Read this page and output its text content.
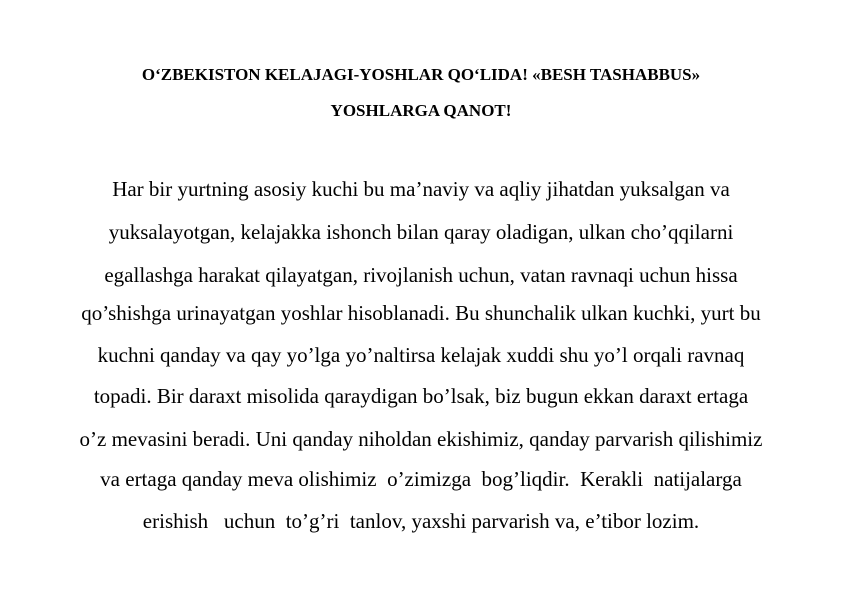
O‘ZBEKISTON KELAJAGI-YOSHLAR QO‘LIDA! «BESH TASHABBUS»
YOSHLARGA QANOT!
Har bir yurtning asosiy kuchi bu ma’naviy va aqliy jihatdan yuksalgan va
yuksalayotgan, kelajakka ishonch bilan qaray oladigan, ulkan cho’qqilarni
egallashga harakat qilayatgan, rivojlanish uchun, vatan ravnaqi uchun hissa
qo’shishga urinayatgan yoshlar hisoblanadi. Bu shunchalik ulkan kuchki, yurt bu
kuchni qanday va qay yo’lga yo’naltirsa kelajak xuddi shu yo’l orqali ravnaq
topadi. Bir daraxt misolida qaraydigan bo’lsak, biz bugun ekkan daraxt ertaga
o’z mevasini beradi. Uni qanday niholdan ekishimiz, qanday parvarish qilishimiz
va ertaga qanday meva olishimiz  o’zimizga  bog’liqdir.  Kerakli  natijalarga
erishish   uchun  to’g’ri  tanlov, yaxshi parvarish va, e’tibor lozim.
